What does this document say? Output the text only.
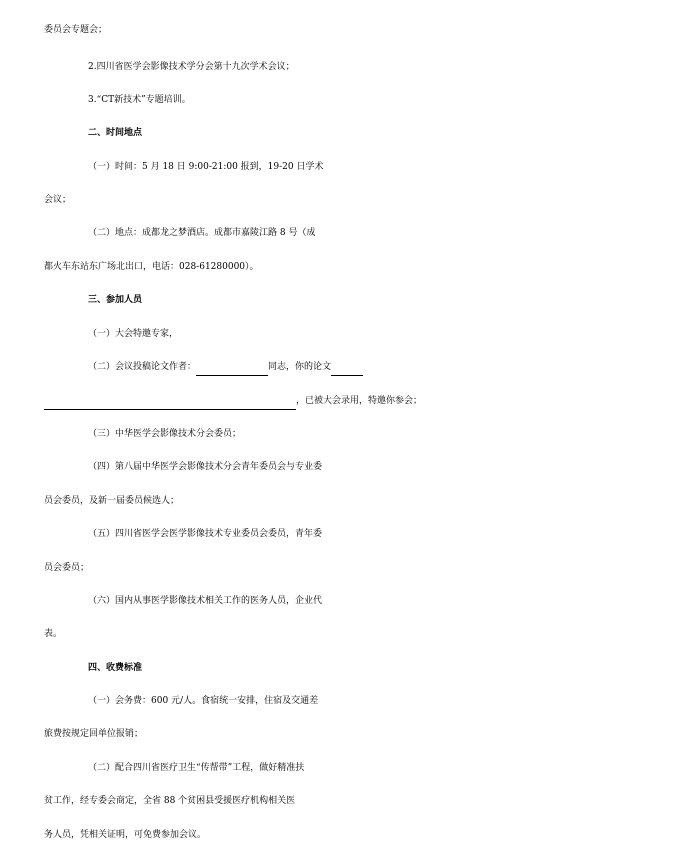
委员会专题会；
2.四川省医学会影像技术学分会第十九次学术会议；
3.“CT新技术”专题培训。
二、时间地点
（一）时间：5 月 18 日 9:00-21:00 报到，19-20 日学术
会议；
（二）地点：成都龙之梦酒店。成都市嘉陵江路 8 号（成
都火车东站东广场北出口，电话：028-61280000）。
三、参加人员
（一）大会特邀专家，
（二）会议投稿论文作者：	同志，你的论文
，已被大会录用，特邀你参会；
（三）中华医学会影像技术分会委员；
（四）第八届中华医学会影像技术分会青年委员会与专业委
员会委员，及新一届委员候选人；
（五）四川省医学会医学影像技术专业委员会委员，青年委
员会委员；
（六）国内从事医学影像技术相关工作的医务人员，企业代
表。
四、收费标准
（一）会务费：600 元/人。食宿统一安排，住宿及交通差
旅费按规定回单位报销；
（二）配合四川省医疗卫生“传帮带”工程，做好精准扶
贫工作，经专委会商定，全省 88 个贫困县受援医疗机构相关医
务人员，凭相关证明，可免费参加会议。
